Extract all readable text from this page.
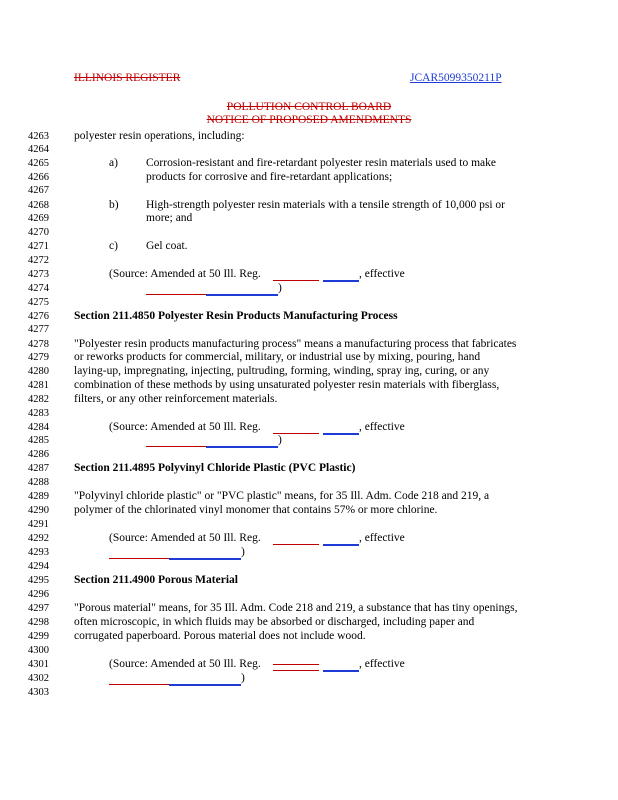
ILLINOIS REGISTER	JCAR5099350211P
POLLUTION CONTROL BOARD
NOTICE OF PROPOSED AMENDMENTS
4263
4264
4265
4266
4267
4268
4269
4270
4271
4272
4273
4274
4275
4276
4277
4278
4279
4280
4281
4282
4283
4284
4285
4286
4287
4288
4289
4290
4291
4292
4293
4294
4295
4296
4297
4298
4299
4300
4301
4302
4303
polyester resin operations, including:
a) Corrosion-resistant and fire-retardant polyester resin materials used to make
products for corrosive and fire-retardant applications;
b) High-strength polyester resin materials with a tensile strength of 10,000 psi or
more; and
c) Gel coat.
(Source: Amended at 50 Ill. Reg.	, effective
)
Section 211.4850 Polyester Resin Products Manufacturing Process
"Polyester resin products manufacturing process" means a manufacturing process that fabricates
or reworks products for commercial, military, or industrial use by mixing, pouring, hand
laying-up, impregnating, injecting, pultruding, forming, winding, spray ing, curing, or any
combination of these methods by using unsaturated polyester resin materials with fiberglass,
filters, or any other reinforcement materials.
(Source: Amended at 50 Ill. Reg.	, effective
)
Section 211.4895 Polyvinyl Chloride Plastic (PVC Plastic)
"Polyvinyl chloride plastic" or "PVC plastic" means, for 35 Ill. Adm. Code 218 and 219, a
polymer of the chlorinated vinyl monomer that contains 57% or more chlorine.
(Source: Amended at 50 Ill. Reg.	, effective
)
Section 211.4900 Porous Material
"Porous material" means, for 35 Ill. Adm. Code 218 and 219, a substance that has tiny openings,
often microscopic, in which fluids may be absorbed or discharged, including paper and
corrugated paperboard. Porous material does not include wood.
(Source: Amended at 50 Ill. Reg.	, effective
)
